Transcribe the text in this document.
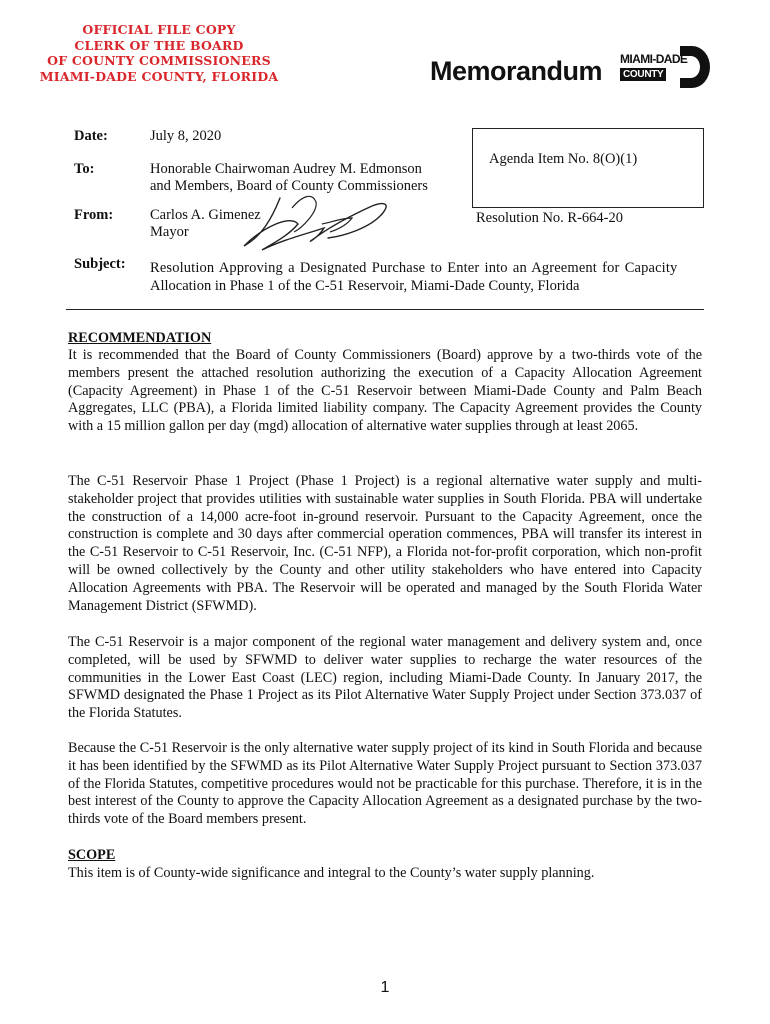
OFFICIAL FILE COPY
CLERK OF THE BOARD
OF COUNTY COMMISSIONERS
MIAMI-DADE COUNTY, FLORIDA	Memorandum MIAMI-DADE
COUNTY
Date:	July 8, 2020
To:	Honorable Chairwoman Audrey M. Edmonson
and Members, Board of County Commissioners
From:	Carlos A. Gimenez
Mayor
Subject: Resolution Approving a Designated Purchase to Enter into an Agreement for Capacity
Allocation in Phase 1 of the C-51 Reservoir, Miami-Dade County, Florida
Agenda Item No. 8(O)(1)
Resolution No. R-664-20
RECOMMENDATION
It is recommended that the Board of County Commissioners (Board) approve by a two-thirds vote of the members present the attached resolution authorizing the execution of a Capacity Allocation Agreement (Capacity Agreement) in Phase 1 of the C-51 Reservoir between Miami-Dade County and Palm Beach Aggregates, LLC (PBA), a Florida limited liability company. The Capacity Agreement provides the County with a 15 million gallon per day (mgd) allocation of alternative water supplies through at least 2065.
The C-51 Reservoir Phase 1 Project (Phase 1 Project) is a regional alternative water supply and multi-stakeholder project that provides utilities with sustainable water supplies in South Florida. PBA will undertake the construction of a 14,000 acre-foot in-ground reservoir. Pursuant to the Capacity Agreement, once the construction is complete and 30 days after commercial operation commences, PBA will transfer its interest in the C-51 Reservoir to C-51 Reservoir, Inc. (C-51 NFP), a Florida not-for-profit corporation, which non-profit will be owned collectively by the County and other utility stakeholders who have entered into Capacity Allocation Agreements with PBA. The Reservoir will be operated and managed by the South Florida Water Management District (SFWMD).
The C-51 Reservoir is a major component of the regional water management and delivery system and, once completed, will be used by SFWMD to deliver water supplies to recharge the water resources of the communities in the Lower East Coast (LEC) region, including Miami-Dade County. In January 2017, the SFWMD designated the Phase 1 Project as its Pilot Alternative Water Supply Project under Section 373.037 of the Florida Statutes.
Because the C-51 Reservoir is the only alternative water supply project of its kind in South Florida and because it has been identified by the SFWMD as its Pilot Alternative Water Supply Project pursuant to Section 373.037 of the Florida Statutes, competitive procedures would not be practicable for this purchase. Therefore, it is in the best interest of the County to approve the Capacity Allocation Agreement as a designated purchase by the two-thirds vote of the Board members present.
SCOPE
This item is of County-wide significance and integral to the County’s water supply planning.
1
